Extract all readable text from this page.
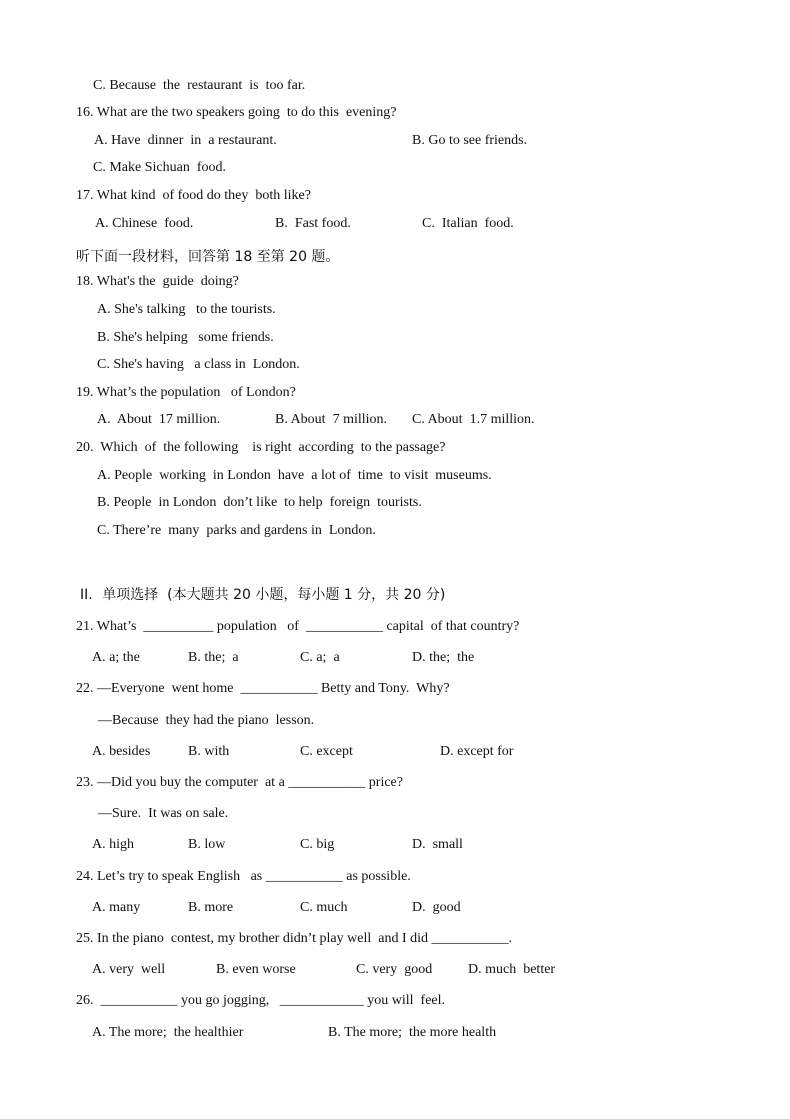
C. Because  the  restaurant  is  too far.
16. What are the two speakers going  to do this  evening?
A. Have  dinner  in  a restaurant.	B. Go to see friends.
C. Make Sichuan  food.
17. What kind  of food do they  both like?
A. Chinese  food.	B.  Fast food.	C.  Italian  food.
听下面一段材料，回答第 18 至第 20 题。
18. What's the  guide  doing?
A. She's talking   to the tourists.
B. She's helping   some friends.
C. She's having   a class in  London.
19. What’s the population   of London?
A.  About  17 million.	B. About  7 million. C. About  1.7 million.
20.  Which  of  the following    is right  according  to the passage?
A. People  working  in London  have  a lot of  time  to visit  museums.
B. People  in London  don’t like  to help  foreign  tourists.
C. There’re  many  parks and gardens in  London.
II．单项选择  (本大题共 20 小题，每小题 1 分，共 20 分)
21. What’s  __________ population   of  ___________ capital  of that country?
A. a; the	B. the;  a	C. a;  a	D. the;  the
22. —Everyone  went home  ___________ Betty and Tony.  Why?
—Because  they had the piano  lesson.
A. besides	B. with	C. except	D. except for
23. —Did you buy the computer  at a ___________ price?
—Sure.  It was on sale.
A. high	B. low	C. big	D.  small
24. Let’s try to speak English   as ___________ as possible.
A. many	B. more	C. much	D.  good
25. In the piano  contest, my brother didn’t play well  and I did ___________.
A. very  well	B. even worse	C. very  good	D. much  better
26.  ___________ you go jogging,   ____________ you will  feel.
A. The more;  the healthier	B. The more;  the more health
